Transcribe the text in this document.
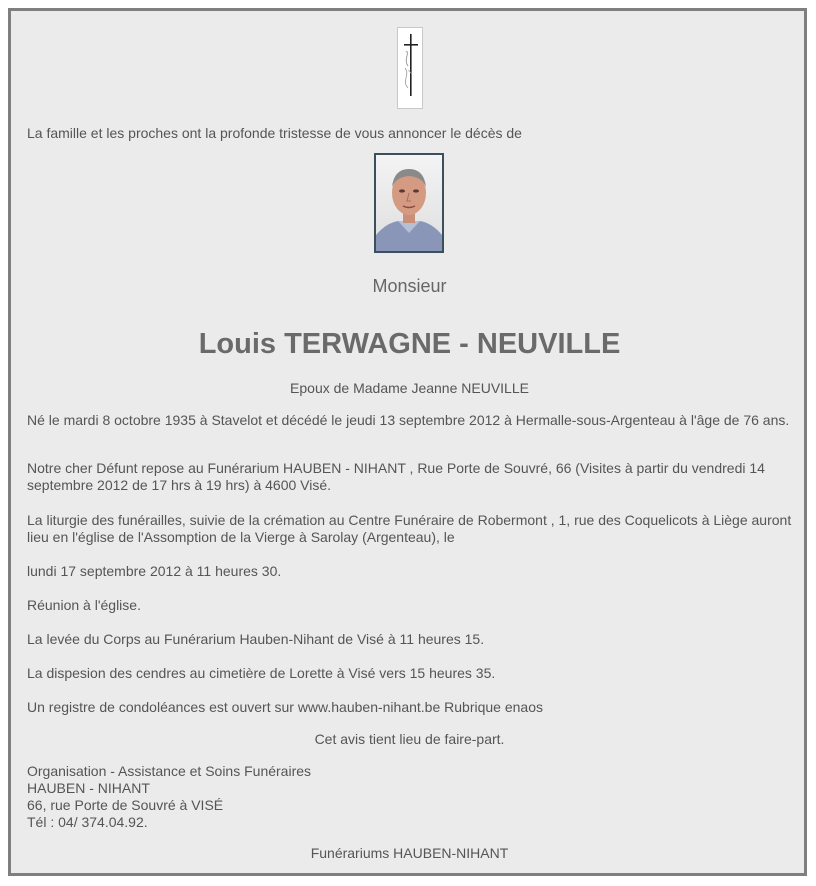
La famille et les proches ont la profonde tristesse de vous annoncer le décès de
Monsieur
Louis TERWAGNE - NEUVILLE
Epoux de Madame Jeanne NEUVILLE
Né le mardi 8 octobre 1935 à Stavelot et décédé le jeudi 13 septembre 2012 à Hermalle-sous-Argenteau à l'âge de 76 ans.
Notre cher Défunt repose au Funérarium HAUBEN - NIHANT , Rue Porte de Souvré, 66 (Visites à partir du vendredi 14 septembre 2012 de 17 hrs à 19 hrs) à 4600 Visé.
La liturgie des funérailles, suivie de la crémation au Centre Funéraire de Robermont , 1, rue des Coquelicots à Liège auront lieu en l'église de l'Assomption de la Vierge à Sarolay (Argenteau), le
lundi 17 septembre 2012 à 11 heures 30.
Réunion à l'église.
La levée du Corps au Funérarium Hauben-Nihant de Visé à 11 heures 15.
La dispesion des cendres au cimetière de Lorette à Visé vers 15 heures 35.
Un registre de condoléances est ouvert sur www.hauben-nihant.be Rubrique enaos
Cet avis tient lieu de faire-part.
Organisation - Assistance et Soins Funéraires
HAUBEN - NIHANT
66, rue Porte de Souvré à VISÉ
Tél : 04/ 374.04.92.
Funérariums HAUBEN-NIHANT
